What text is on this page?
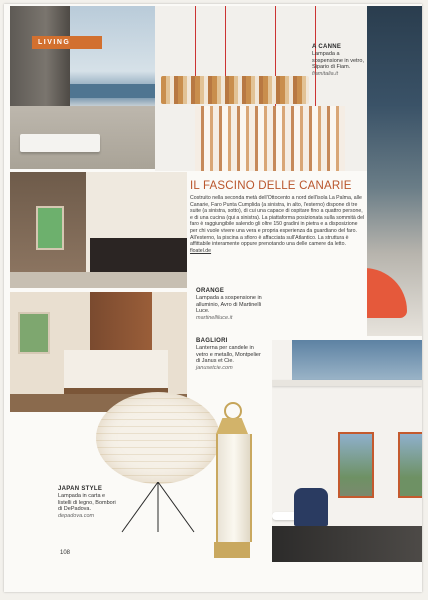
LIVING
A CANNE
Lampada a sospensione in vetro, Sipario di Fiam.
fiamitalia.it
IL FASCINO DELLE CANARIE

Costruito nella seconda metà dell'Ottocento a nord dell'isola La Palma, alle Canarie, Faro Punta Cumplida (a sinistra, in alto, l'esterno) dispone di tre suite (a sinistra, sotto), di cui una capace di ospitare fino a quattro persone, e di una cucina (qui a sinistra). La piattaforma posizionata sulla sommità del faro è raggiungibile salendo gli oltre 150 gradini in pietra e a disposizione per chi vuole vivere una vera e propria esperienza da guardiano del faro. All'esterno, la piscina a sfioro è affacciata sull'Atlantico. La struttura è affittabile interamente oppure prenotando una delle camere da letto. floatel.de

ORANGE
Lampada a sospensione in alluminio, Avro di Martinelli Luce.
martinelliluce.it
BAGLIORI
Lanterna per candele in vetro e metallo, Montpelier di Janus et Cie.
janusetcie.com
JAPAN STYLE
Lampada in carta e listelli di legno, Bombori di DePadova.
depadova.com
108
